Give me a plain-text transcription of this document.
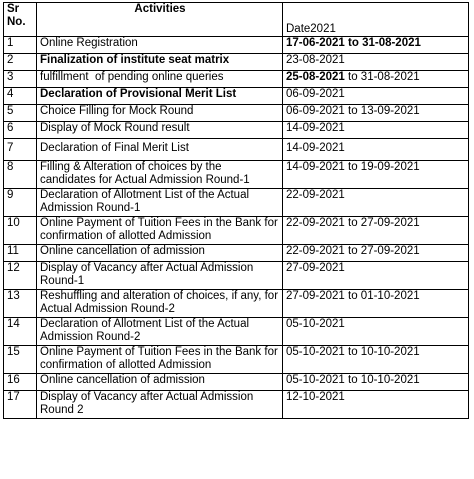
Sr No.	Activities	Date2021
1	Online Registration	17-06-2021 to 31-08-2021
2	Finalization of institute seat matrix	23-08-2021
3	fulfillment  of pending online queries	25-08-2021 to 31-08-2021
4	Declaration of Provisional Merit List	06-09-2021
5	Choice Filling for Mock Round	06-09-2021 to 13-09-2021
6	Display of Mock Round result	14-09-2021
7	Declaration of Final Merit List	14-09-2021
8	Filling & Alteration of choices by the candidates for Actual Admission Round-1	14-09-2021 to 19-09-2021
9	Declaration of Allotment List of the Actual Admission Round-1	22-09-2021
10	Online Payment of Tuition Fees in the Bank for confirmation of allotted Admission	22-09-2021 to 27-09-2021
11	Online cancellation of admission	22-09-2021 to 27-09-2021
12	Display of Vacancy after Actual Admission Round-1	27-09-2021
13	Reshuffling and alteration of choices, if any, for Actual Admission Round-2	27-09-2021 to 01-10-2021
14	Declaration of Allotment List of the Actual Admission Round-2	05-10-2021
15	Online Payment of Tuition Fees in the Bank for confirmation of allotted Admission	05-10-2021 to 10-10-2021
16	Online cancellation of admission	05-10-2021 to 10-10-2021
17	Display of Vacancy after Actual Admission Round 2	12-10-2021
